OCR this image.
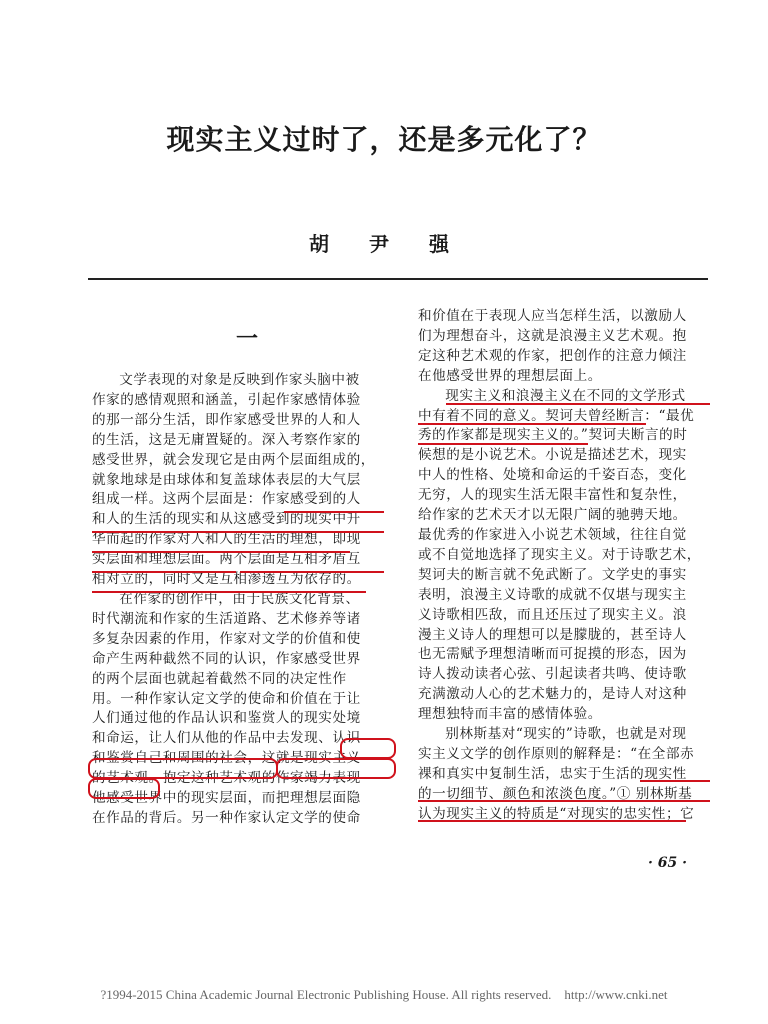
现实主义过时了，还是多元化了？
胡　尹　强
一

文学表现的对象是反映到作家头脑中被

作家的感情观照和涵盖，引起作家感情体验

的那一部分生活，即作家感受世界的人和人

的生活，这是无庸置疑的。深入考察作家的

感受世界，就会发现它是由两个层面组成的，

就象地球是由球体和复盖球体表层的大气层

组成一样。这两个层面是：作家感受到的人

和人的生活的现实和从这感受到的现实中升

华而起的作家对人和人的生活的理想，即现

实层面和理想层面。两个层面是互相矛盾互

相对立的，同时又是互相渗透互为依存的。

在作家的创作中，由于民族文化背景、

时代潮流和作家的生活道路、艺术修养等诸

多复杂因素的作用，作家对文学的价值和使

命产生两种截然不同的认识，作家感受世界

的两个层面也就起着截然不同的决定性作

用。一种作家认定文学的使命和价值在于让

人们通过他的作品认识和鉴赏人的现实处境

和命运，让人们从他的作品中去发现、认识

和鉴赏自己和周围的社会，这就是现实主义

的艺术观。抱定这种艺术观的作家竭力表现

他感受世界中的现实层面，而把理想层面隐

在作品的背后。另一种作家认定文学的使命

和价值在于表现人应当怎样生活，以激励人

们为理想奋斗，这就是浪漫主义艺术观。抱

定这种艺术观的作家，把创作的注意力倾注

在他感受世界的理想层面上。

现实主义和浪漫主义在不同的文学形式

中有着不同的意义。契诃夫曾经断言：“最优

秀的作家都是现实主义的。”契诃夫断言的时

候想的是小说艺术。小说是描述艺术，现实

中人的性格、处境和命运的千姿百态，变化

无穷，人的现实生活无限丰富性和复杂性，

给作家的艺术天才以无限广阔的驰骋天地。

最优秀的作家进入小说艺术领域，往往自觉

或不自觉地选择了现实主义。对于诗歌艺术，

契诃夫的断言就不免武断了。文学史的事实

表明，浪漫主义诗歌的成就不仅堪与现实主

义诗歌相匹敌，而且还压过了现实主义。浪

漫主义诗人的理想可以是朦胧的，甚至诗人

也无需赋予理想清晰而可捉摸的形态，因为

诗人拨动读者心弦、引起读者共鸣、使诗歌

充满激动人心的艺术魅力的，是诗人对这种

理想独特而丰富的感情体验。

别林斯基对“现实的”诗歌，也就是对现

实主义文学的创作原则的解释是：“在全部赤

裸和真实中复制生活，忠实于生活的现实性

的一切细节、颜色和浓淡色度。”① 别林斯基

认为现实主义的特质是“对现实的忠实性；它

· 65 ·
?1994-2015 China Academic Journal Electronic Publishing House. All rights reserved.    http://www.cnki.net
